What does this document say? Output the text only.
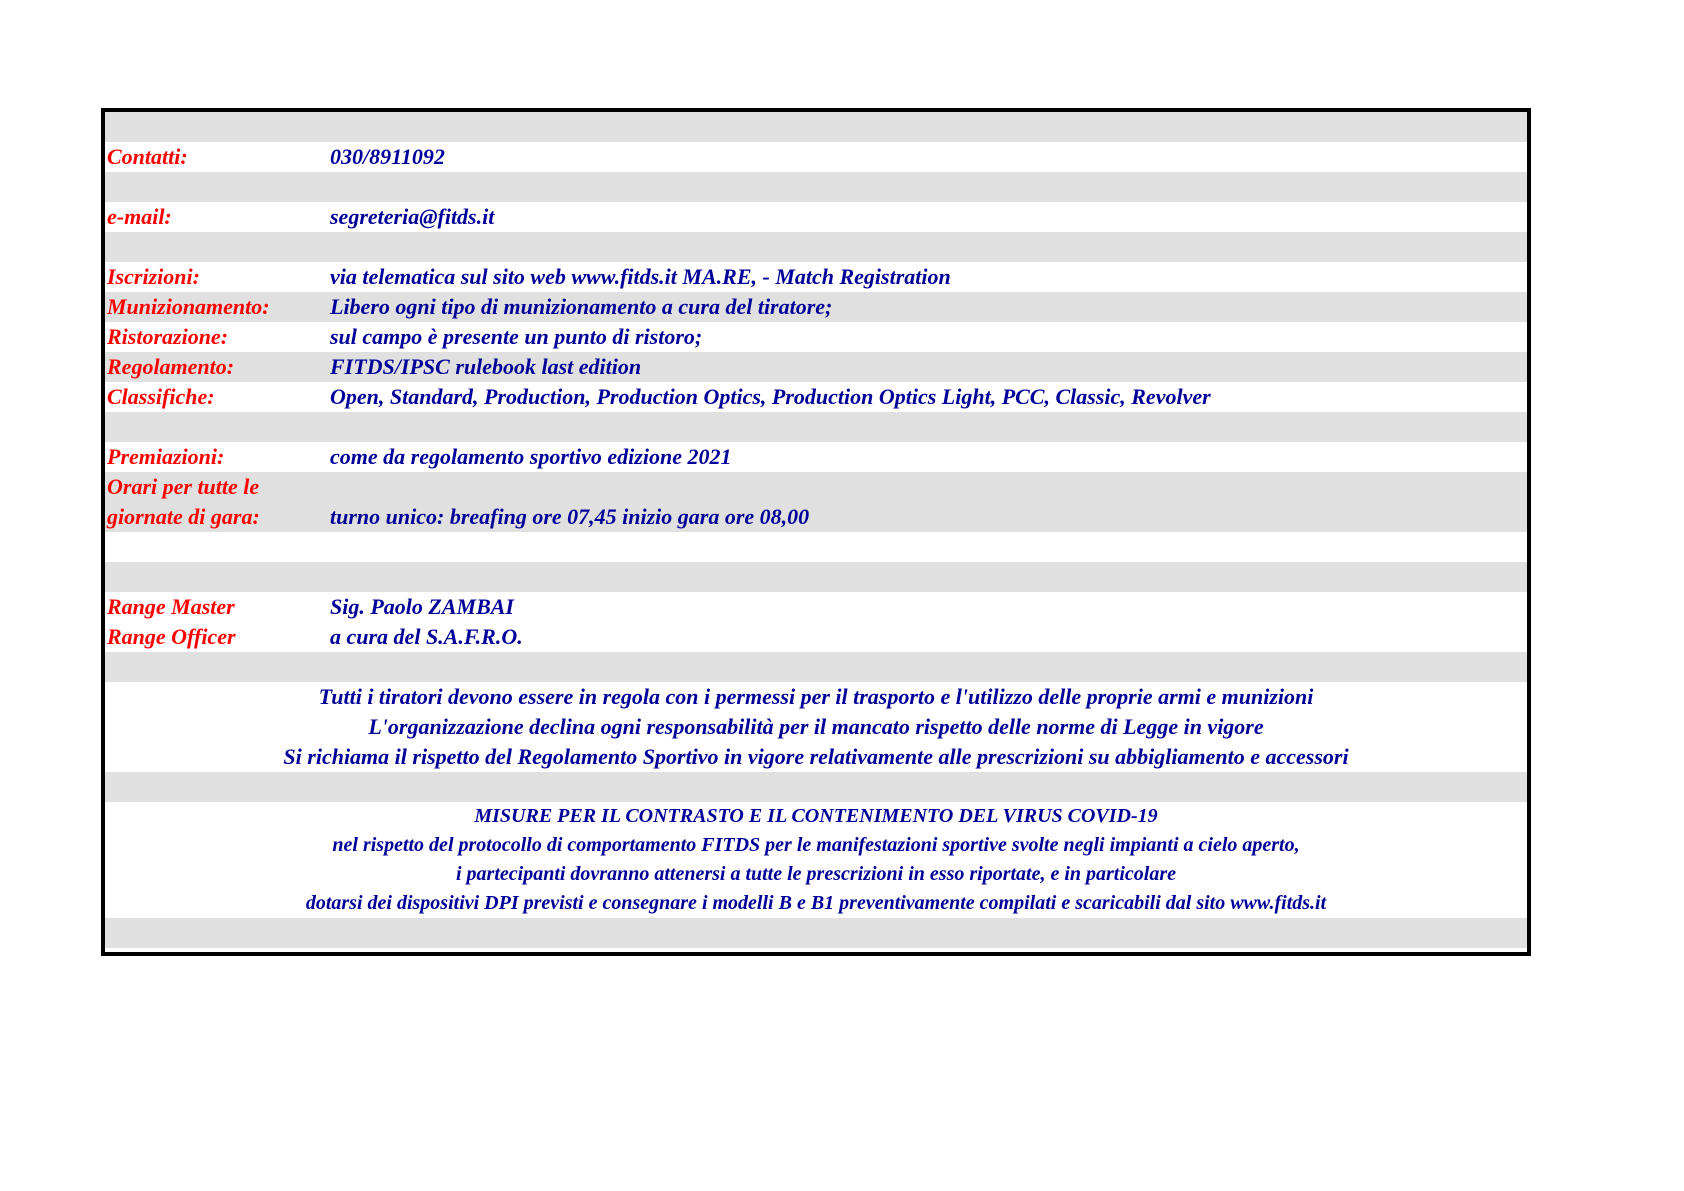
Contatti:	030/8911092
e-mail:	segreteria@fitds.it
Iscrizioni:	via telematica sul sito web www.fitds.it MA.RE, - Match Registration
Munizionamento:	Libero ogni tipo di munizionamento a cura del tiratore;
Ristorazione:	sul campo è presente un punto di ristoro;
Regolamento:	FITDS/IPSC rulebook last edition
Classifiche:	Open, Standard, Production, Production Optics, Production Optics Light, PCC, Classic, Revolver
Premiazioni:	come da regolamento sportivo edizione 2021
Orari per tutte le
giornate di gara:	turno unico: breafing ore 07,45 inizio gara ore 08,00
Range Master	Sig. Paolo ZAMBAI
Range Officer	a cura del S.A.F.R.O.
Tutti i tiratori devono essere in regola con i permessi per il trasporto e l'utilizzo delle proprie armi e munizioni
L'organizzazione declina ogni responsabilità per il mancato rispetto delle norme di Legge in vigore
Si richiama il rispetto del Regolamento Sportivo in vigore relativamente alle prescrizioni su abbigliamento e accessori
MISURE PER IL CONTRASTO E IL CONTENIMENTO DEL VIRUS COVID-19
nel rispetto del protocollo di comportamento FITDS per le manifestazioni sportive svolte negli impianti a cielo aperto,
i partecipanti dovranno attenersi a tutte le prescrizioni in esso riportate, e in particolare
dotarsi dei dispositivi DPI previsti e consegnare i modelli B e B1 preventivamente compilati e scaricabili dal sito www.fitds.it
